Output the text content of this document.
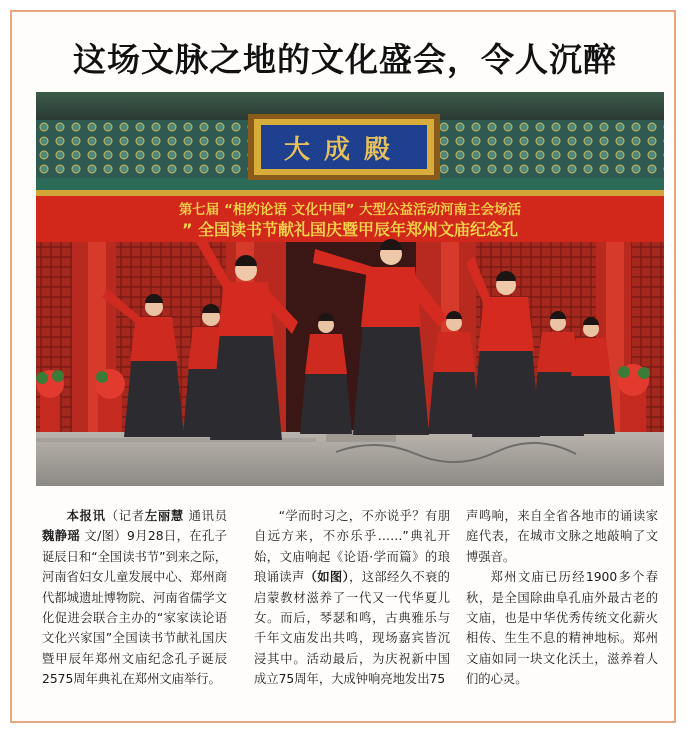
这场文脉之地的文化盛会，令人沉醉
大成殿
第七届 “相约论语 文化中国” 大型公益活动河南主会场活
” 全国读书节献礼国庆暨甲辰年郑州文庙纪念孔

本报讯（记者左丽慧 通讯员魏静瑶 文/图）9月28日，在孔子诞辰日和“全国读书节”到来之际，河南省妇女儿童发展中心、郑州商代都城遗址博物院、河南省儒学文化促进会联合主办的“家家读论语 文化兴家国”全国读书节献礼国庆暨甲辰年郑州文庙纪念孔子诞辰2575周年典礼在郑州文庙举行。

“学而时习之，不亦说乎？有朋自远方来，不亦乐乎……”典礼开始，文庙响起《论语·学而篇》的琅琅诵读声（如图），这部经久不衰的启蒙教材滋养了一代又一代华夏儿女。而后，琴瑟和鸣，古典雅乐与千年文庙发出共鸣，现场嘉宾皆沉浸其中。活动最后，为庆祝新中国成立75周年，大成钟响亮地发出75

声鸣响，来自全省各地市的诵读家庭代表，在城市文脉之地敲响了文博强音。

郑州文庙已历经1900多个春秋，是全国除曲阜孔庙外最古老的文庙，也是中华优秀传统文化薪火相传、生生不息的精神地标。郑州文庙如同一块文化沃土，滋养着人们的心灵。
